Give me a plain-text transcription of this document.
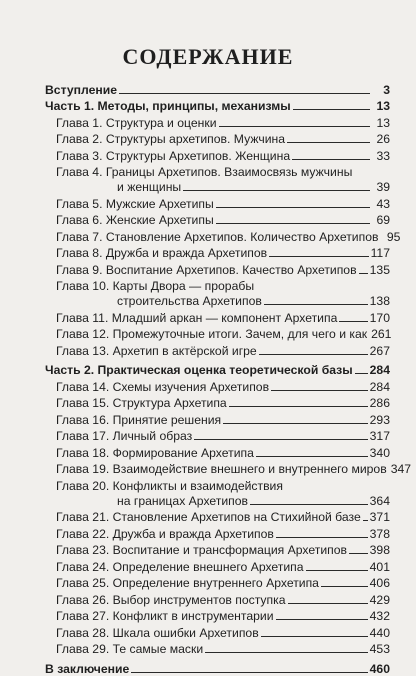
СОДЕРЖАНИЕ
Вступление	3
Часть 1. Методы, принципы, механизмы	13
Глава 1. Структура и оценки	13
Глава 2. Структуры архетипов. Мужчина	26
Глава 3. Структуры Архетипов. Женщина	33
Глава 4. Границы Архетипов. Взаимосвязь мужчины
и женщины	39
Глава 5. Мужские Архетипы	43
Глава 6. Женские Архетипы	69
Глава 7. Становление Архетипов. Количество Архетипов 95
Глава 8. Дружба и вражда Архетипов	117
Глава 9. Воспитание Архетипов. Качество Архетипов 135
Глава 10. Карты Двора — прорабы
строительства Архетипов	138
Глава 11. Младший аркан — компонент Архетипа	170
Глава 12. Промежуточные итоги. Зачем, для чего и как 261
Глава 13. Архетип в актёрской игре	267
Часть 2. Практическая оценка теоретической базы 284
Глава 14. Схемы изучения Архетипов	284
Глава 15. Структура Архетипа	286
Глава 16. Принятие решения	293
Глава 17. Личный образ	317
Глава 18. Формирование Архетипа	340
Глава 19. Взаимодействие внешнего и внутреннего миров 347
Глава 20. Конфликты и взаимодействия
на границах Архетипов	364
Глава 21. Становление Архетипов на Стихийной базе 371
Глава 22. Дружба и вражда Архетипов	378
Глава 23. Воспитание и трансформация Архетипов 398
Глава 24. Определение внешнего Архетипа	401
Глава 25. Определение внутреннего Архетипа	406
Глава 26. Выбор инструментов поступка	429
Глава 27. Конфликт в инструментарии	432
Глава 28. Шкала ошибки Архетипов	440
Глава 29. Те самые маски	453
В заключение	460
